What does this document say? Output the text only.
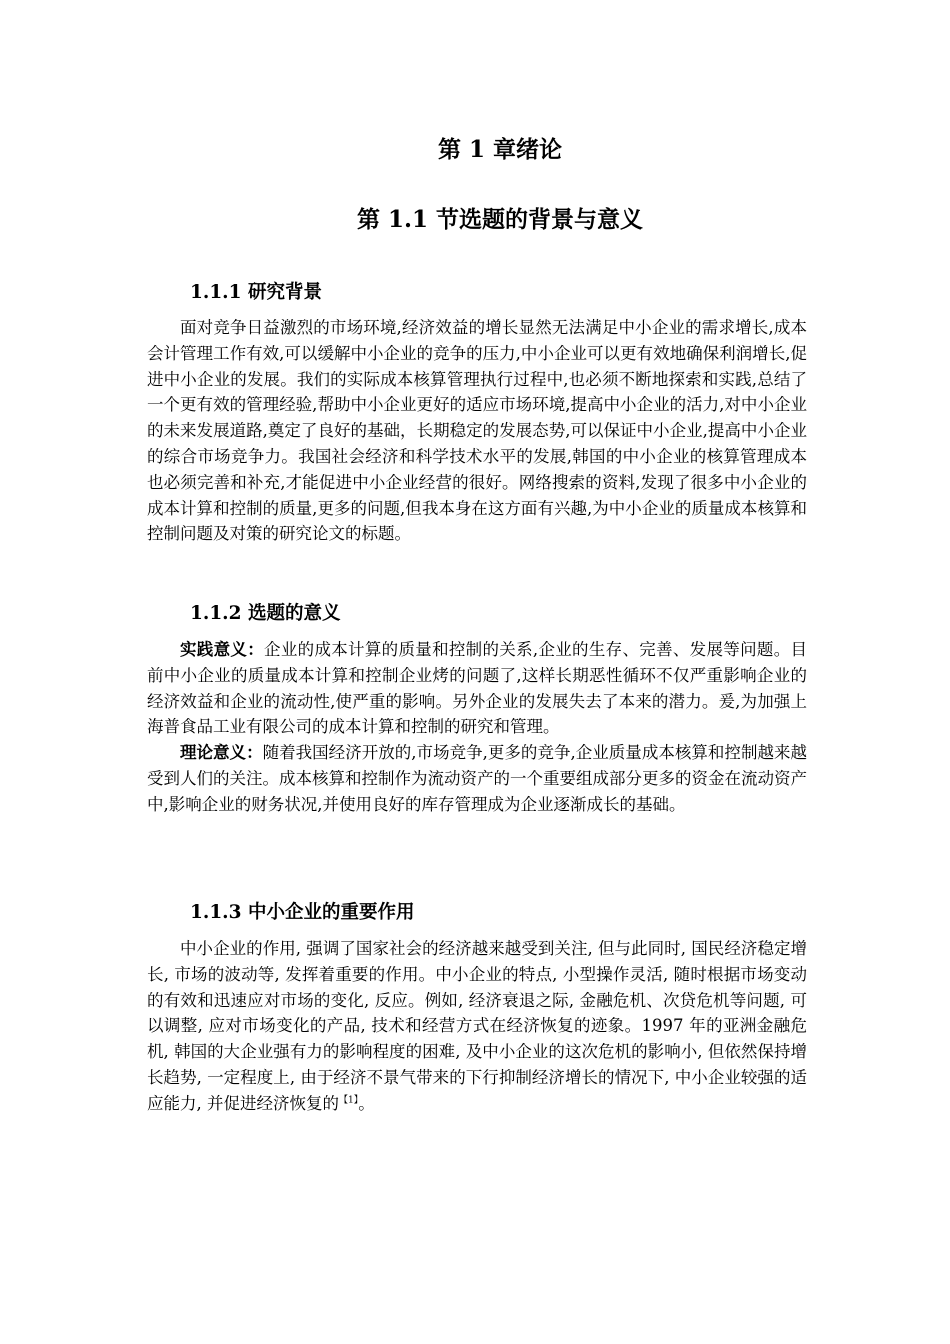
第 1 章绪论
第 1.1 节选题的背景与意义
1.1.1 研究背景

面对竞争日益激烈的市场环境,经济效益的增长显然无法满足中小企业的需求增长,成本会计管理工作有效,可以缓解中小企业的竞争的压力,中小企业可以更有效地确保利润增长,促进中小企业的发展。我们的实际成本核算管理执行过程中,也必须不断地探索和实践,总结了一个更有效的管理经验,帮助中小企业更好的适应市场环境,提高中小企业的活力,对中小企业的未来发展道路,奠定了良好的基础，长期稳定的发展态势,可以保证中小企业,提高中小企业的综合市场竞争力。我国社会经济和科学技术水平的发展,韩国的中小企业的核算管理成本也必须完善和补充,才能促进中小企业经营的很好。网络搜索的资料,发现了很多中小企业的成本计算和控制的质量,更多的问题,但我本身在这方面有兴趣,为中小企业的质量成本核算和控制问题及对策的研究论文的标题。

1.1.2 选题的意义

实践意义：企业的成本计算的质量和控制的关系,企业的生存、完善、发展等问题。目前中小企业的质量成本计算和控制企业烤的问题了,这样长期恶性循环不仅严重影响企业的经济效益和企业的流动性,使严重的影响。另外企业的发展失去了本来的潜力。爰,为加强上海普食品工业有限公司的成本计算和控制的研究和管理。

理论意义：随着我国经济开放的,市场竞争,更多的竞争,企业质量成本核算和控制越来越受到人们的关注。成本核算和控制作为流动资产的一个重要组成部分更多的资金在流动资产中,影响企业的财务状况,并使用良好的库存管理成为企业逐渐成长的基础。

1.1.3 中小企业的重要作用

中小企业的作用, 强调了国家社会的经济越来越受到关注, 但与此同时, 国民经济稳定增长, 市场的波动等, 发挥着重要的作用。中小企业的特点, 小型操作灵活, 随时根据市场变动的有效和迅速应对市场的变化, 反应。例如, 经济衰退之际, 金融危机、次贷危机等问题, 可以调整, 应对市场变化的产品, 技术和经营方式在经济恢复的迹象。1997 年的亚洲金融危机, 韩国的大企业强有力的影响程度的困难, 及中小企业的这次危机的影响小, 但依然保持增长趋势, 一定程度上, 由于经济不景气带来的下行抑制经济增长的情况下, 中小企业较强的适应能力, 并促进经济恢复的$^{【1】}$。
